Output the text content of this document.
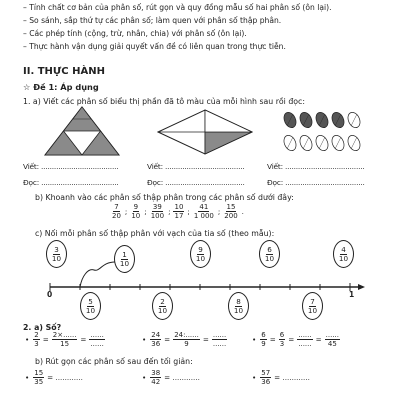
– Tính chất cơ bản của phân số, rút gọn và quy đồng mẫu số hai phân số (ôn lại).
– So sánh, sắp thứ tự các phân số; làm quen với phân số thập phân.
– Các phép tính (cộng, trừ, nhân, chia) với phân số (ôn lại).
– Thực hành vận dụng giải quyết vấn đề có liên quan trong thực tiễn.
II. THỰC HÀNH
☆ Đề 1: Áp dụng
1. a) Viết các phân số biểu thị phần đã tô màu của mỗi hình sau rồi đọc:
Viết: ....................................	Viết: .....................................	Viết: .....................................
Đọc: ....................................	Đọc: .....................................	Đọc: .....................................
b) Khoanh vào các phân số thập phân trong các phân số dưới đây:
$\frac{7}{20}$ ; $\frac{9}{10}$ ; $\frac{39}{100}$ ; $\frac{10}{17}$ ; $\frac{41}{1 000}$ ; $\frac{15}{200}$ .
c) Nối mỗi phân số thập phân với vạch của tia số (theo mẫu):
0	1
$\frac{3}{10}$	$\frac{1}{10}$	$\frac{9}{10}$	$\frac{6}{10}$	$\frac{4}{10}$
$\frac{5}{10}$	$\frac{2}{10}$	$\frac{8}{10}$	$\frac{7}{10}$
2. a) Số?
• $\frac{2}{3} = \frac{2\times......}{15} = \frac{......}{......}$	• $\frac{24}{36} = \frac{24:......}{9} = \frac{......}{......}$	• $\frac{6}{9} = \frac{6}{3} = \frac{......}{......} = \frac{......}{45}$
b) Rút gọn các phân số sau đến tối giản:
• $\frac{15}{35}$ = ............	• $\frac{38}{42}$ = ............	• $\frac{57}{36}$ = ............
